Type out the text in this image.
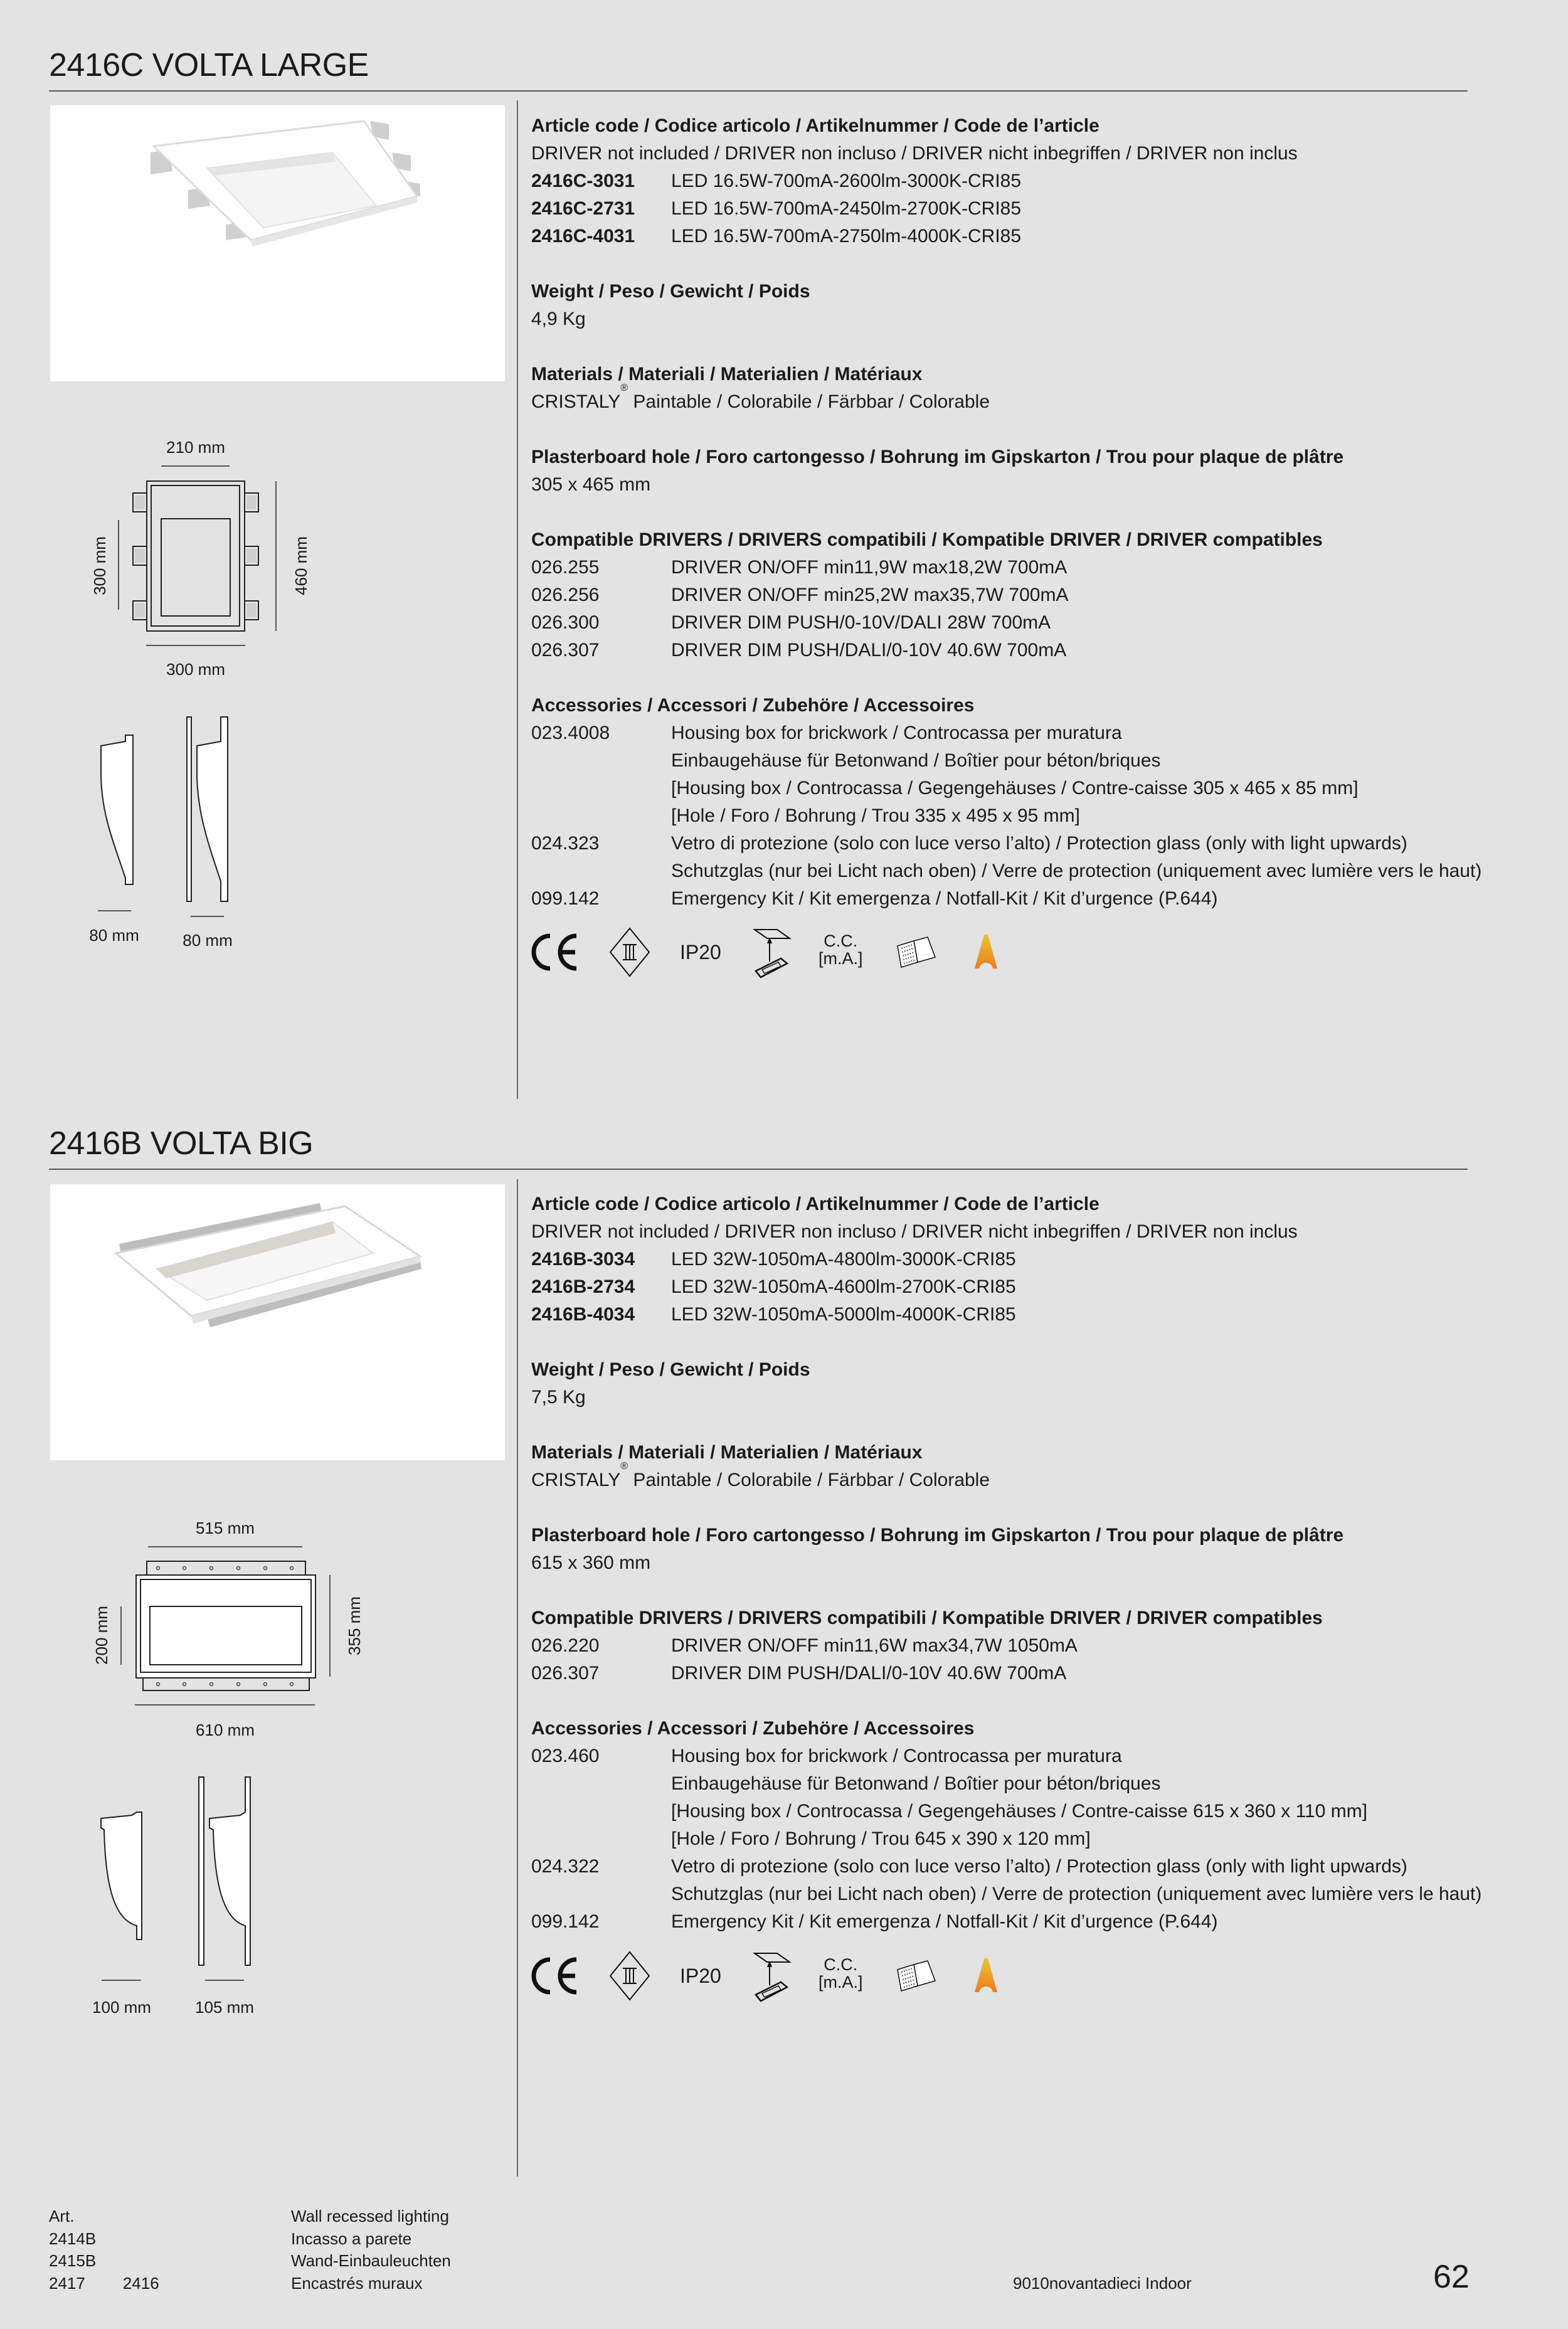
2416C VOLTA LARGE
Article code / Codice articolo / Artikelnummer / Code de l’article
DRIVER not included / DRIVER non incluso / DRIVER nicht inbegriffen / DRIVER non inclus
2416C-3031	LED 16.5W-700mA-2600lm-3000K-CRI85
2416C-2731	LED 16.5W-700mA-2450lm-2700K-CRI85
2416C-4031	LED 16.5W-700mA-2750lm-4000K-CRI85
Weight / Peso / Gewicht / Poids
4,9 Kg
Materials / Materiali / Materialien / Matériaux
CRISTALY
®
Paintable / Colorabile / Färbbar / Colorable
Plasterboard hole / Foro cartongesso / Bohrung im Gipskarton / Trou pour plaque de plâtre
305 x 465 mm
Compatible DRIVERS / DRIVERS compatibili / Kompatible DRIVER / DRIVER compatibles
026.255	DRIVER ON/OFF min11,9W max18,2W 700mA
026.256	DRIVER ON/OFF min25,2W max35,7W 700mA
026.300	DRIVER DIM PUSH/0-10V/DALI 28W 700mA
026.307	DRIVER DIM PUSH/DALI/0-10V 40.6W 700mA
Accessories / Accessori / Zubehöre / Accessoires
023.4008	Housing box for brickwork / Controcassa per muratura
Einbaugehäuse für Betonwand / Boîtier pour béton/briques
[Housing box / Controcassa / Gegengehäuses / Contre-caisse 305 x 465 x 85 mm]
[Hole / Foro / Bohrung / Trou 335 x 495 x 95 mm]
024.323	Vetro di protezione (solo con luce verso l’alto) / Protection glass (only with light upwards)
Schutzglas (nur bei Licht nach oben) / Verre de protection (uniquement avec lumière vers le haut)
099.142	Emergency Kit / Kit emergenza / Notfall-Kit / Kit d’urgence (P.644)
IP20	C.C.
[m.A.]
2416B VOLTA BIG
Article code / Codice articolo / Artikelnummer / Code de l’article
DRIVER not included / DRIVER non incluso / DRIVER nicht inbegriffen / DRIVER non inclus
2416B-3034	LED 32W-1050mA-4800lm-3000K-CRI85
2416B-2734	LED 32W-1050mA-4600lm-2700K-CRI85
2416B-4034	LED 32W-1050mA-5000lm-4000K-CRI85
Weight / Peso / Gewicht / Poids
7,5 Kg
Materials / Materiali / Materialien / Matériaux
CRISTALY
®
Paintable / Colorabile / Färbbar / Colorable
Plasterboard hole / Foro cartongesso / Bohrung im Gipskarton / Trou pour plaque de plâtre
615 x 360 mm
Compatible DRIVERS / DRIVERS compatibili / Kompatible DRIVER / DRIVER compatibles
026.220	DRIVER ON/OFF min11,6W max34,7W 1050mA
026.307	DRIVER DIM PUSH/DALI/0-10V 40.6W 700mA
Accessories / Accessori / Zubehöre / Accessoires
023.460	Housing box for brickwork / Controcassa per muratura
Einbaugehäuse für Betonwand / Boîtier pour béton/briques
[Housing box / Controcassa / Gegengehäuses / Contre-caisse 615 x 360 x 110 mm]
[Hole / Foro / Bohrung / Trou 645 x 390 x 120 mm]
024.322	Vetro di protezione (solo con luce verso l’alto) / Protection glass (only with light upwards)
Schutzglas (nur bei Licht nach oben) / Verre de protection (uniquement avec lumière vers le haut)
099.142	Emergency Kit / Kit emergenza / Notfall-Kit / Kit d’urgence (P.644)
IP20	C.C.
[m.A.]
210 mm
300 mm
300 mm	460 mm
80 mm	80 mm
515 mm
610 mm
200 mm	355 mm
100 mm	105 mm
Art.
2414B
2415B
2417 2416
Wall recessed lighting
Incasso a parete
Wand-Einbauleuchten
Encastrés muraux	9010novantadieci Indoor	62
